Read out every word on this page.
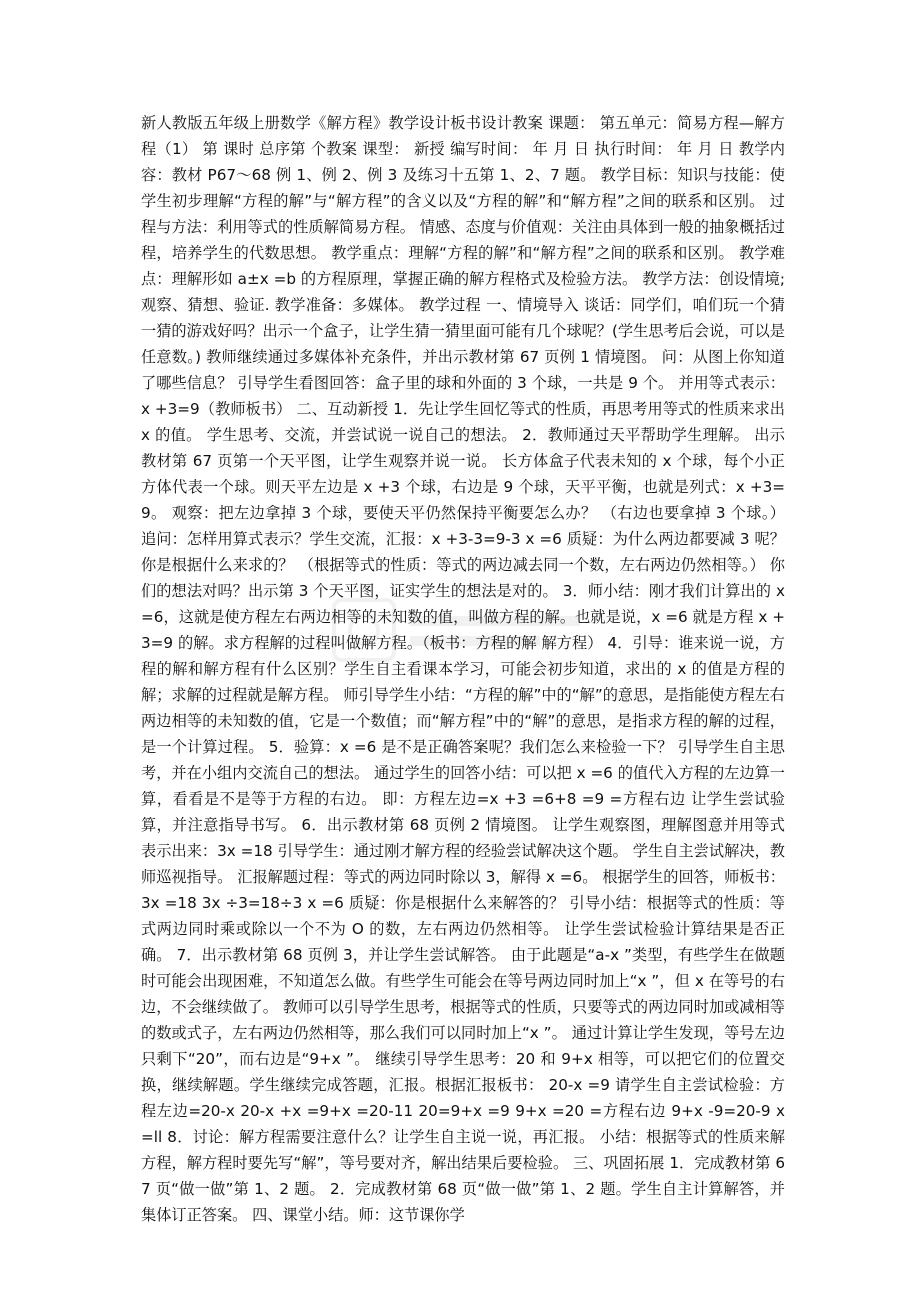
新人教版五年级上册数学《解方程》教学设计板书设计教案 课题： 第五单元：简易方程—解方程（1） 第 课时 总序第 个教案 课型： 新授 编写时间： 年 月 日 执行时间： 年 月 日 教学内容：教材 P67～68 例 1、例 2、例 3 及练习十五第 1、2、7 题。 教学目标：知识与技能：使学生初步理解“方程的解”与“解方程”的含义以及“方程的解”和“解方程”之间的联系和区别。 过程与方法：利用等式的性质解简易方程。 情感、态度与价值观：关注由具体到一般的抽象概括过程，培养学生的代数思想。 教学重点：理解“方程的解”和“解方程”之间的联系和区别。 教学难点：理解形如 a±x =b 的方程原理，掌握正确的解方程格式及检验方法。 教学方法：创设情境;观察、猜想、验证. 教学准备：多媒体。 教学过程 一、情境导入 谈话：同学们，咱们玩一个猜一猜的游戏好吗？出示一个盒子，让学生猜一猜里面可能有几个球呢？(学生思考后会说，可以是任意数。) 教师继续通过多媒体补充条件，并出示教材第 67 页例 1 情境图。 问：从图上你知道了哪些信息？ 引导学生看图回答：盒子里的球和外面的 3 个球，一共是 9 个。 并用等式表示：x +3=9（教师板书） 二、互动新授 1．先让学生回忆等式的性质，再思考用等式的性质来求出 x 的值。 学生思考、交流，并尝试说一说自己的想法。 2．教师通过天平帮助学生理解。 出示教材第 67 页第一个天平图，让学生观察并说一说。 长方体盒子代表未知的 x 个球，每个小正方体代表一个球。则天平左边是 x +3 个球，右边是 9 个球，天平平衡，也就是列式：x +3=9。 观察：把左边拿掉 3 个球，要使天平仍然保持平衡要怎么办？ （右边也要拿掉 3 个球。） 追问：怎样用算式表示？学生交流，汇报：x +3-3=9-3 x =6 质疑：为什么两边都要减 3 呢？你是根据什么来求的？ （根据等式的性质：等式的两边减去同一个数，左右两边仍然相等。） 你们的想法对吗？出示第 3 个天平图，证实学生的想法是对的。 3．师小结：刚才我们计算出的 x =6，这就是使方程左右两边相等的未知数的值，叫做方程的解。也就是说，x =6 就是方程 x +3=9 的解。求方程解的过程叫做解方程。（板书：方程的解 解方程） 4．引导：谁来说一说，方程的解和解方程有什么区别？学生自主看课本学习，可能会初步知道，求出的 x 的值是方程的解；求解的过程就是解方程。 师引导学生小结：“方程的解”中的“解”的意思，是指能使方程左右两边相等的未知数的值，它是一个数值；而“解方程”中的“解”的意思，是指求方程的解的过程，是一个计算过程。 5．验算：x =6 是不是正确答案呢？我们怎么来检验一下？ 引导学生自主思考，并在小组内交流自己的想法。 通过学生的回答小结：可以把 x =6 的值代入方程的左边算一算，看看是不是等于方程的右边。 即：方程左边=x +3 =6+8 =9 =方程右边 让学生尝试验算，并注意指导书写。 6．出示教材第 68 页例 2 情境图。 让学生观察图，理解图意并用等式表示出来：3x =18 引导学生：通过刚才解方程的经验尝试解决这个题。 学生自主尝试解决，教师巡视指导。 汇报解题过程：等式的两边同时除以 3，解得 x =6。 根据学生的回答，师板书：3x =18 3x ÷3=18÷3 x =6 质疑：你是根据什么来解答的？ 引导小结：根据等式的性质：等式两边同时乘或除以一个不为 O 的数，左右两边仍然相等。 让学生尝试检验计算结果是否正确。 7．出示教材第 68 页例 3，并让学生尝试解答。 由于此题是“a-x ”类型，有些学生在做题时可能会出现困难，不知道怎么做。有些学生可能会在等号两边同时加上“x ”，但 x 在等号的右边，不会继续做了。 教师可以引导学生思考，根据等式的性质，只要等式的两边同时加或减相等的数或式子，左右两边仍然相等，那么我们可以同时加上“x ”。 通过计算让学生发现，等号左边只剩下“20”，而右边是“9+x ”。 继续引导学生思考：20 和 9+x 相等，可以把它们的位置交换，继续解题。学生继续完成答题，汇报。根据汇报板书： 20-x =9 请学生自主尝试检验：方程左边=20-x 20-x +x =9+x =20-11 20=9+x =9 9+x =20 =方程右边 9+x -9=20-9 x =ll 8．讨论：解方程需要注意什么？让学生自主说一说，再汇报。 小结：根据等式的性质来解方程，解方程时要先写“解”，等号要对齐，解出结果后要检验。 三、巩固拓展 1．完成教材第 67 页“做一做”第 1、2 题。 2．完成教材第 68 页“做一做”第 1、2 题。学生自主计算解答，并集体订正答案。 四、课堂小结。师：这节课你学
